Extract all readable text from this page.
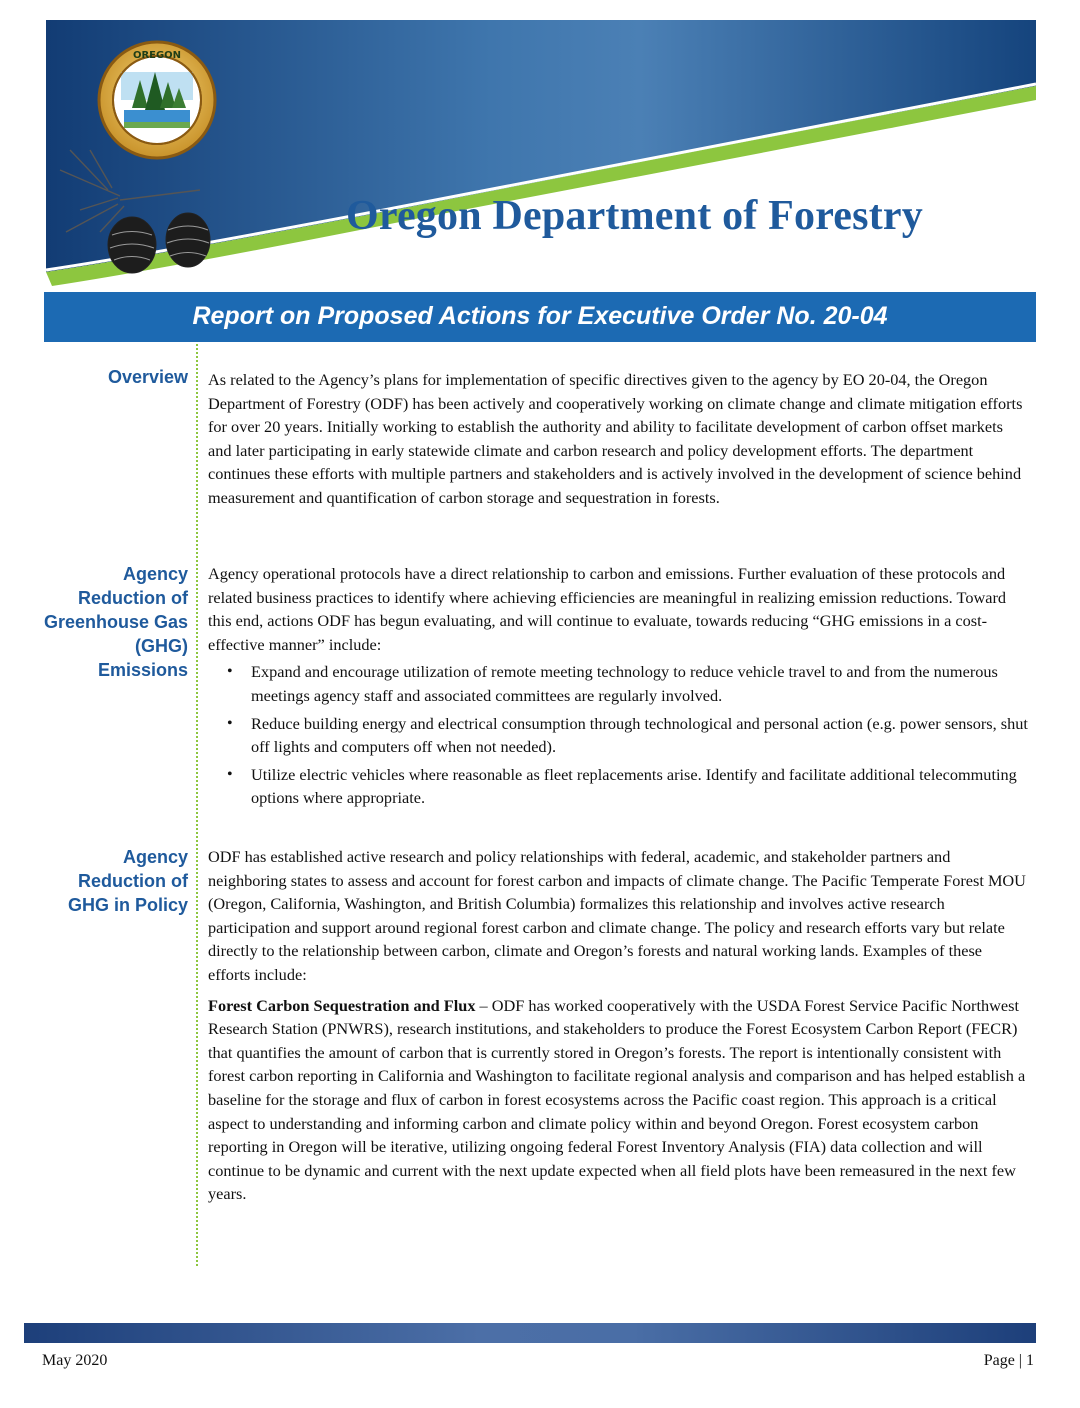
OREGON
Oregon Department of Forestry
Report on Proposed Actions for Executive Order No. 20-04
Overview As related to the Agency’s plans for implementation of specific directives given to the agency by EO 20-04, the Oregon Department of Forestry (ODF) has been actively and cooperatively working on climate change and climate mitigation efforts for over 20 years. Initially working to establish the authority and ability to facilitate development of carbon offset markets and later participating in early statewide climate and carbon research and policy development efforts. The department continues these efforts with multiple partners and stakeholders and is actively involved in the development of science behind measurement and quantification of carbon storage and sequestration in forests.

Agency Reduction of Greenhouse Gas (GHG) Emissions

Agency operational protocols have a direct relationship to carbon and emissions. Further evaluation of these protocols and related business practices to identify where achieving efficiencies are meaningful in realizing emission reductions. Toward this end, actions ODF has begun evaluating, and will continue to evaluate, towards reducing “GHG emissions in a cost-effective manner” include:

• Expand and encourage utilization of remote meeting technology to reduce vehicle travel to and from the numerous meetings agency staff and associated committees are regularly involved.
• Reduce building energy and electrical consumption through technological and personal action (e.g. power sensors, shut off lights and computers off when not needed).
• Utilize electric vehicles where reasonable as fleet replacements arise. Identify and facilitate additional telecommuting options where appropriate.
Agency Reduction of GHG in Policy

ODF has established active research and policy relationships with federal, academic, and stakeholder partners and neighboring states to assess and account for forest carbon and impacts of climate change. The Pacific Temperate Forest MOU (Oregon, California, Washington, and British Columbia) formalizes this relationship and involves active research participation and support around regional forest carbon and climate change. The policy and research efforts vary but relate directly to the relationship between carbon, climate and Oregon’s forests and natural working lands. Examples of these efforts include:

Forest Carbon Sequestration and Flux – ODF has worked cooperatively with the USDA Forest Service Pacific Northwest Research Station (PNWRS), research institutions, and stakeholders to produce the Forest Ecosystem Carbon Report (FECR) that quantifies the amount of carbon that is currently stored in Oregon’s forests. The report is intentionally consistent with forest carbon reporting in California and Washington to facilitate regional analysis and comparison and has helped establish a baseline for the storage and flux of carbon in forest ecosystems across the Pacific coast region. This approach is a critical aspect to understanding and informing carbon and climate policy within and beyond Oregon. Forest ecosystem carbon reporting in Oregon will be iterative, utilizing ongoing federal Forest Inventory Analysis (FIA) data collection and will continue to be dynamic and current with the next update expected when all field plots have been remeasured in the next few years.

May 2020	Page | 1
